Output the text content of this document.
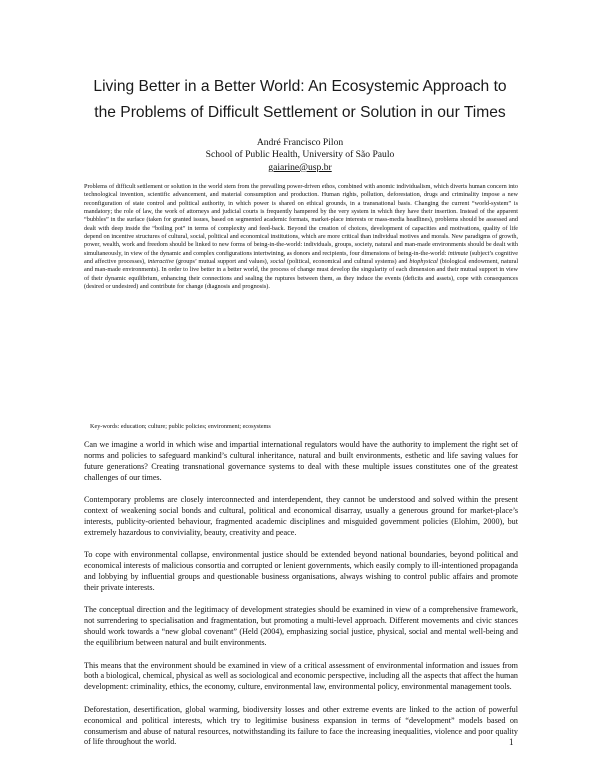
Living Better in a Better World: An Ecosystemic Approach to
the Problems of Difficult Settlement or Solution in our Times
André Francisco Pilon
School of Public Health, University of São Paulo
gaiarine@usp.br
Problems of difficult settlement or solution in the world stem from the prevailing power-driven ethos, combined with anomic individualism, which diverts human concern into technological invention, scientific advancement, and material consumption and production. Human rights, pollution, deforestation, drugs and criminality impose a new reconfiguration of state control and political authority, in which power is shared on ethical grounds, in a transnational basis. Changing the current “world-system” is mandatory; the role of law, the work of attorneys and judicial courts is frequently hampered by the very system in which they have their insertion. Instead of the apparent “bubbles” in the surface (taken for granted issues, based on segmented academic formats, market-place interests or mass-media headlines), problems should be assessed and dealt with deep inside the “boiling pot” in terms of complexity and feed-back. Beyond the creation of choices, development of capacities and motivations, quality of life depend on incentive structures of cultural, social, political and economical institutions, which are more critical than individual motives and morals. New paradigms of growth, power, wealth, work and freedom should be linked to new forms of being-in-the-world: individuals, groups, society, natural and man-made environments should be dealt with simultaneously, in view of the dynamic and complex configurations intertwining, as donors and recipients, four dimensions of being-in-the-world: intimate (subject’s cognitive and affective processes), interactive (groups’ mutual support and values), social (political, economical and cultural systems) and biophysical (biological endowment, natural and man-made environments). In order to live better in a better world, the process of change must develop the singularity of each dimension and their mutual support in view of their dynamic equilibrium, enhancing their connections and sealing the ruptures between them, as they induce the events (deficits and assets), cope with consequences (desired or undesired) and contribute for change (diagnosis and prognosis).
Key-words: education; culture; public policies; environment; ecosystems

Can we imagine a world in which wise and impartial international regulators would have the authority to implement the right set of norms and policies to safeguard mankind’s cultural inheritance, natural and built environments, esthetic and life saving values for future generations? Creating transnational governance systems to deal with these multiple issues constitutes one of the greatest challenges of our times.

Contemporary problems are closely interconnected and interdependent, they cannot be understood and solved within the present context of weakening social bonds and cultural, political and economical disarray, usually a generous ground for market-place’s interests, publicity-oriented behaviour, fragmented academic disciplines and misguided government policies (Elohim, 2000), but extremely hazardous to conviviality, beauty, creativity and peace.

To cope with environmental collapse, environmental justice should be extended beyond national boundaries, beyond political and economical interests of malicious consortia and corrupted or lenient governments, which easily comply to ill-intentioned propaganda and lobbying by influential groups and questionable business organisations, always wishing to control public affairs and promote their private interests.

The conceptual direction and the legitimacy of development strategies should be examined in view of a comprehensive framework, not surrendering to specialisation and fragmentation, but promoting a multi-level approach. Different movements and civic stances should work towards a “new global covenant” (Held (2004), emphasizing social justice, physical, social and mental well-being and the equilibrium between natural and built environments.

This means that the environment should be examined in view of a critical assessment of environmental information and issues from both a biological, chemical, physical as well as sociological and economic perspective, including all the aspects that affect the human development: criminality, ethics, the economy, culture, environmental law, environmental policy, environmental management tools.

Deforestation, desertification, global warming, biodiversity losses and other extreme events are linked to the action of powerful economical and political interests, which try to legitimise business expansion in terms of “development” models based on consumerism and abuse of natural resources, notwithstanding its failure to face the increasing inequalities, violence and poor quality of life throughout the world.	1
